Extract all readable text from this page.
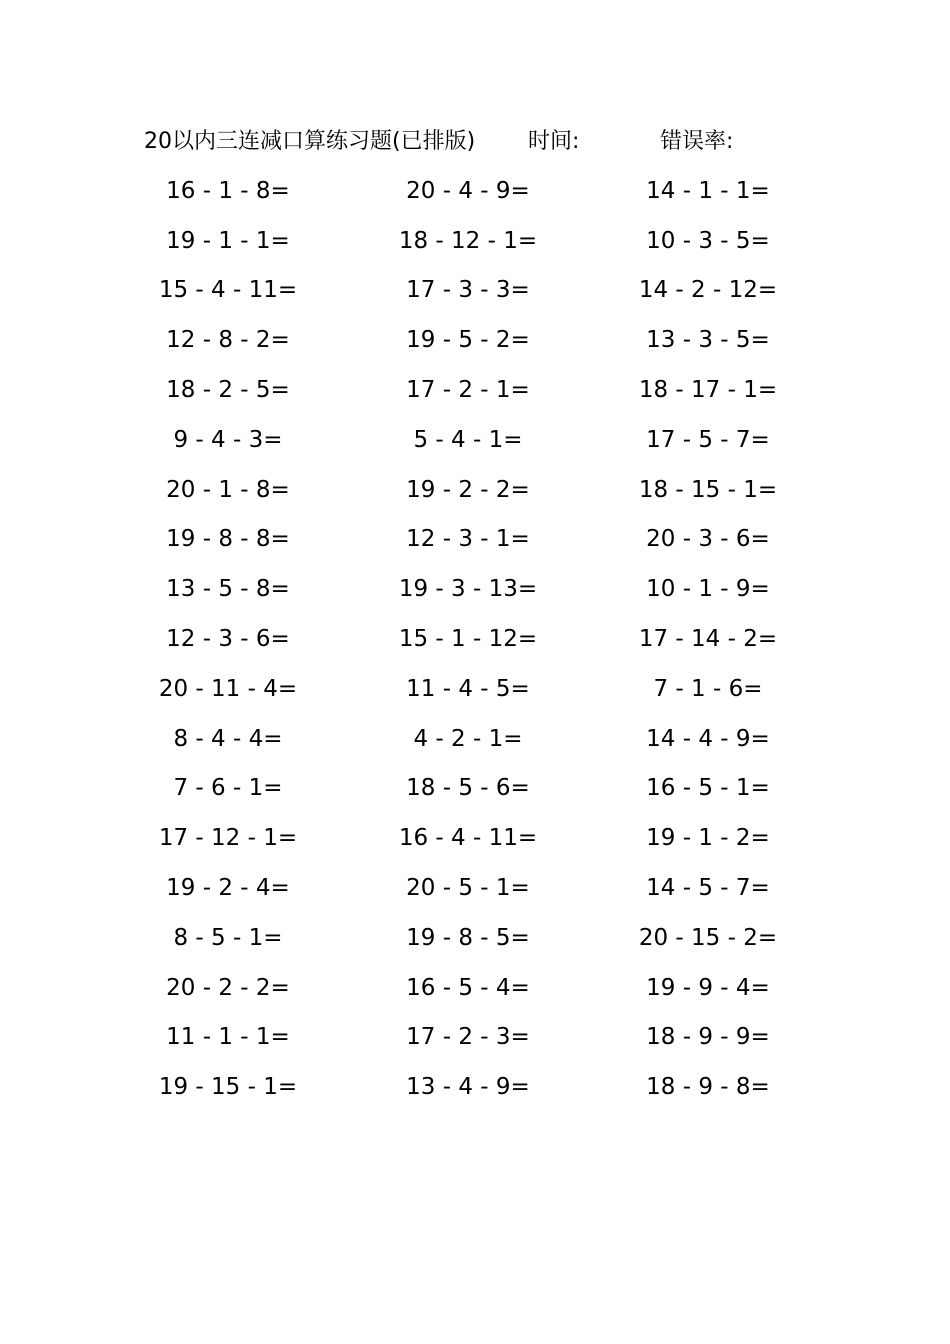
20以内三连减口算练习题(已排版) 时间:	错误率:
16 - 1 - 8=	20 - 4 - 9=	14 - 1 - 1=
19 - 1 - 1=	18 - 12 - 1=	10 - 3 - 5=
15 - 4 - 11=	17 - 3 - 3=	14 - 2 - 12=
12 - 8 - 2=	19 - 5 - 2=	13 - 3 - 5=
18 - 2 - 5=	17 - 2 - 1=	18 - 17 - 1=
9 - 4 - 3=	5 - 4 - 1=	17 - 5 - 7=
20 - 1 - 8=	19 - 2 - 2=	18 - 15 - 1=
19 - 8 - 8=	12 - 3 - 1=	20 - 3 - 6=
13 - 5 - 8=	19 - 3 - 13=	10 - 1 - 9=
12 - 3 - 6=	15 - 1 - 12=	17 - 14 - 2=
20 - 11 - 4=	11 - 4 - 5=	7 - 1 - 6=
8 - 4 - 4=	4 - 2 - 1=	14 - 4 - 9=
7 - 6 - 1=	18 - 5 - 6=	16 - 5 - 1=
17 - 12 - 1=	16 - 4 - 11=	19 - 1 - 2=
19 - 2 - 4=	20 - 5 - 1=	14 - 5 - 7=
8 - 5 - 1=	19 - 8 - 5=	20 - 15 - 2=
20 - 2 - 2=	16 - 5 - 4=	19 - 9 - 4=
11 - 1 - 1=	17 - 2 - 3=	18 - 9 - 9=
19 - 15 - 1=	13 - 4 - 9=	18 - 9 - 8=
